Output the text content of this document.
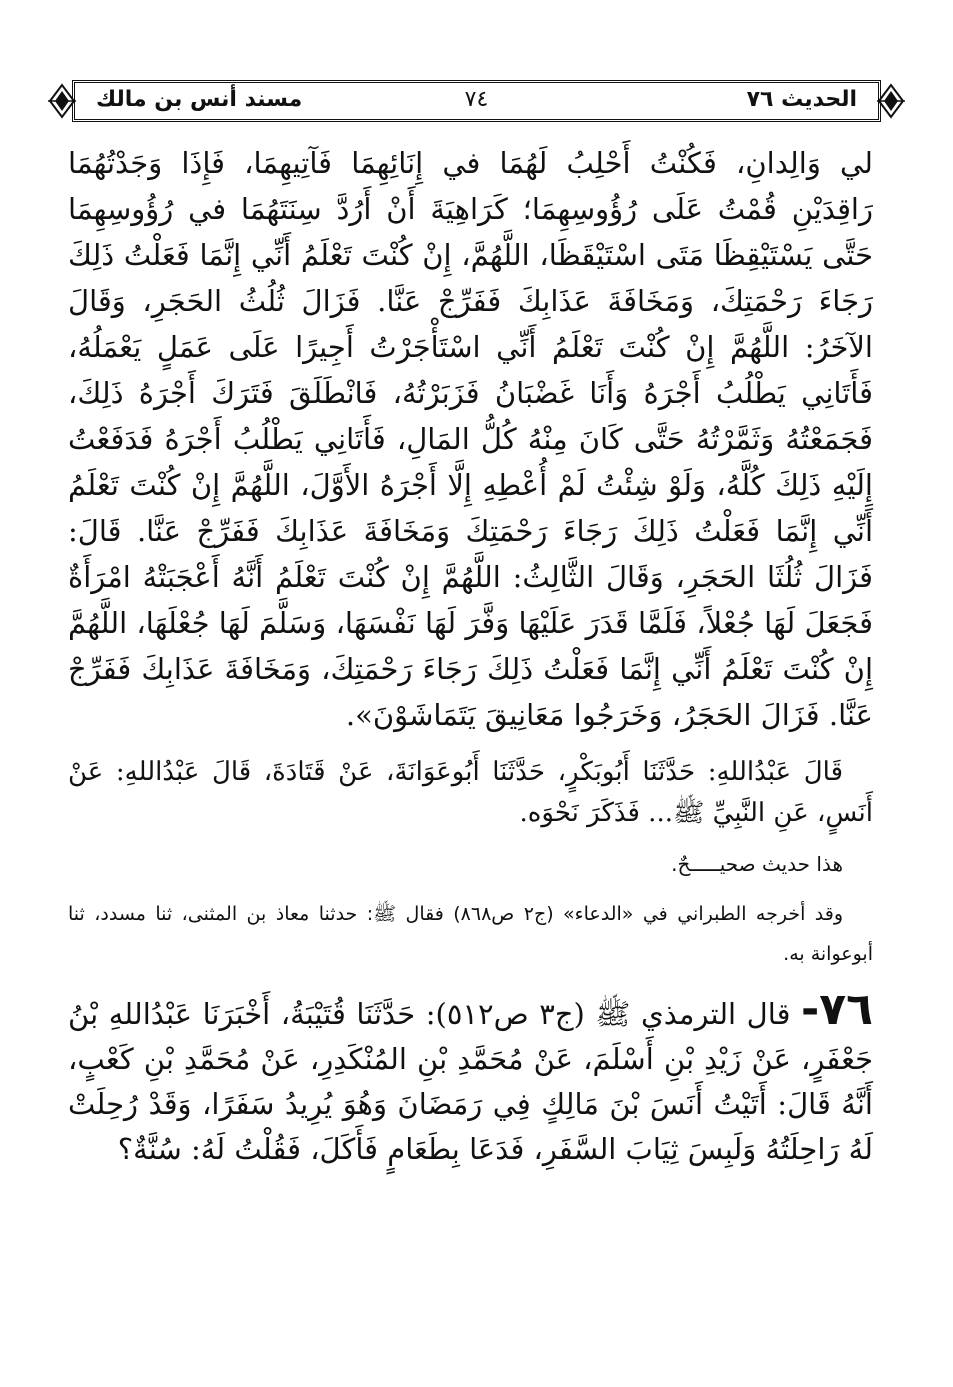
الحديث ٧٦
٧٤
مسند أنس بن مالك

لي وَالِدانِ، فَكُنْتُ أَحْلِبُ لَهُمَا في إِنَائِهِمَا فَآتِيهِمَا، فَإِذَا وَجَدْتُهُمَا رَاقِدَيْنِ قُمْتُ عَلَى رُؤُوسِهِمَا؛ كَرَاهِيَةَ أَنْ أَرُدَّ سِنَتَهُمَا في رُؤُوسِهِمَا حَتَّى يَسْتَيْقِظَا مَتَى اسْتَيْقَظَا، اللَّهُمَّ، إِنْ كُنْتَ تَعْلَمُ أَنِّي إِنَّمَا فَعَلْتُ ذَلِكَ رَجَاءَ رَحْمَتِكَ، وَمَخَافَةَ عَذَابِكَ فَفَرِّجْ عَنَّا. فَزَالَ ثُلُثُ الحَجَرِ، وَقَالَ الآخَرُ: اللَّهُمَّ إِنْ كُنْتَ تَعْلَمُ أَنِّي اسْتَأْجَرْتُ أَجِيرًا عَلَى عَمَلٍ يَعْمَلُهُ، فَأَتَانِي يَطْلُبُ أَجْرَهُ وَأَنَا غَضْبَانُ فَزَبَرْتُهُ، فَانْطَلَقَ فَتَرَكَ أَجْرَهُ ذَلِكَ، فَجَمَعْتُهُ وَثَمَّرْتُهُ حَتَّى كَانَ مِنْهُ كُلُّ المَالِ، فَأَتَانِي يَطْلُبُ أَجْرَهُ فَدَفَعْتُ إِلَيْهِ ذَلِكَ كُلَّهُ، وَلَوْ شِئْتُ لَمْ أُعْطِهِ إِلَّا أَجْرَهُ الأَوَّلَ، اللَّهُمَّ إِنْ كُنْتَ تَعْلَمُ أَنِّي إِنَّمَا فَعَلْتُ ذَلِكَ رَجَاءَ رَحْمَتِكَ وَمَخَافَةَ عَذَابِكَ فَفَرِّجْ عَنَّا. قَالَ: فَزَالَ ثُلُثَا الحَجَرِ، وَقَالَ الثَّالِثُ: اللَّهُمَّ إِنْ كُنْتَ تَعْلَمُ أَنَّهُ أَعْجَبَتْهُ امْرَأَةٌ فَجَعَلَ لَهَا جُعْلاً، فَلَمَّا قَدَرَ عَلَيْهَا وَفَّرَ لَهَا نَفْسَهَا، وَسَلَّمَ لَهَا جُعْلَهَا، اللَّهُمَّ إِنْ كُنْتَ تَعْلَمُ أَنِّي إِنَّمَا فَعَلْتُ ذَلِكَ رَجَاءَ رَحْمَتِكَ، وَمَخَافَةَ عَذَابِكَ فَفَرِّجْ عَنَّا. فَزَالَ الحَجَرُ، وَخَرَجُوا مَعَانِيقَ يَتَمَاشَوْنَ».

قَالَ عَبْدُاللهِ: حَدَّثَنَا أَبُوبَكْرٍ، حَدَّثَنَا أَبُوعَوَانَةَ، عَنْ قَتَادَةَ، قَالَ عَبْدُاللهِ: عَنْ أَنَسٍ، عَنِ النَّبِيِّ ﷺ... فَذَكَرَ نَحْوَه.

هذا حديث صحيـــــحٌ.

وقد أخرجه الطبراني في «الدعاء» (ج٢ ص٨٦٨) فقال ﷺ: حدثنا معاذ بن المثنى، ثنا مسدد، ثنا أبوعوانة به.

٧٦- قال الترمذي ﷺ (ج٣ ص٥١٢): حَدَّثَنَا قُتَيْبَةُ، أَخْبَرَنَا عَبْدُاللهِ بْنُ جَعْفَرٍ، عَنْ زَيْدِ بْنِ أَسْلَمَ، عَنْ مُحَمَّدِ بْنِ المُنْكَدِرِ، عَنْ مُحَمَّدِ بْنِ كَعْبٍ، أَنَّهُ قَالَ: أَتَيْتُ أَنَسَ بْنَ مَالِكٍ فِي رَمَضَانَ وَهُوَ يُرِيدُ سَفَرًا، وَقَدْ رُحِلَتْ لَهُ رَاحِلَتُهُ وَلَبِسَ ثِيَابَ السَّفَرِ، فَدَعَا بِطَعَامٍ فَأَكَلَ، فَقُلْتُ لَهُ: سُنَّةٌ؟
